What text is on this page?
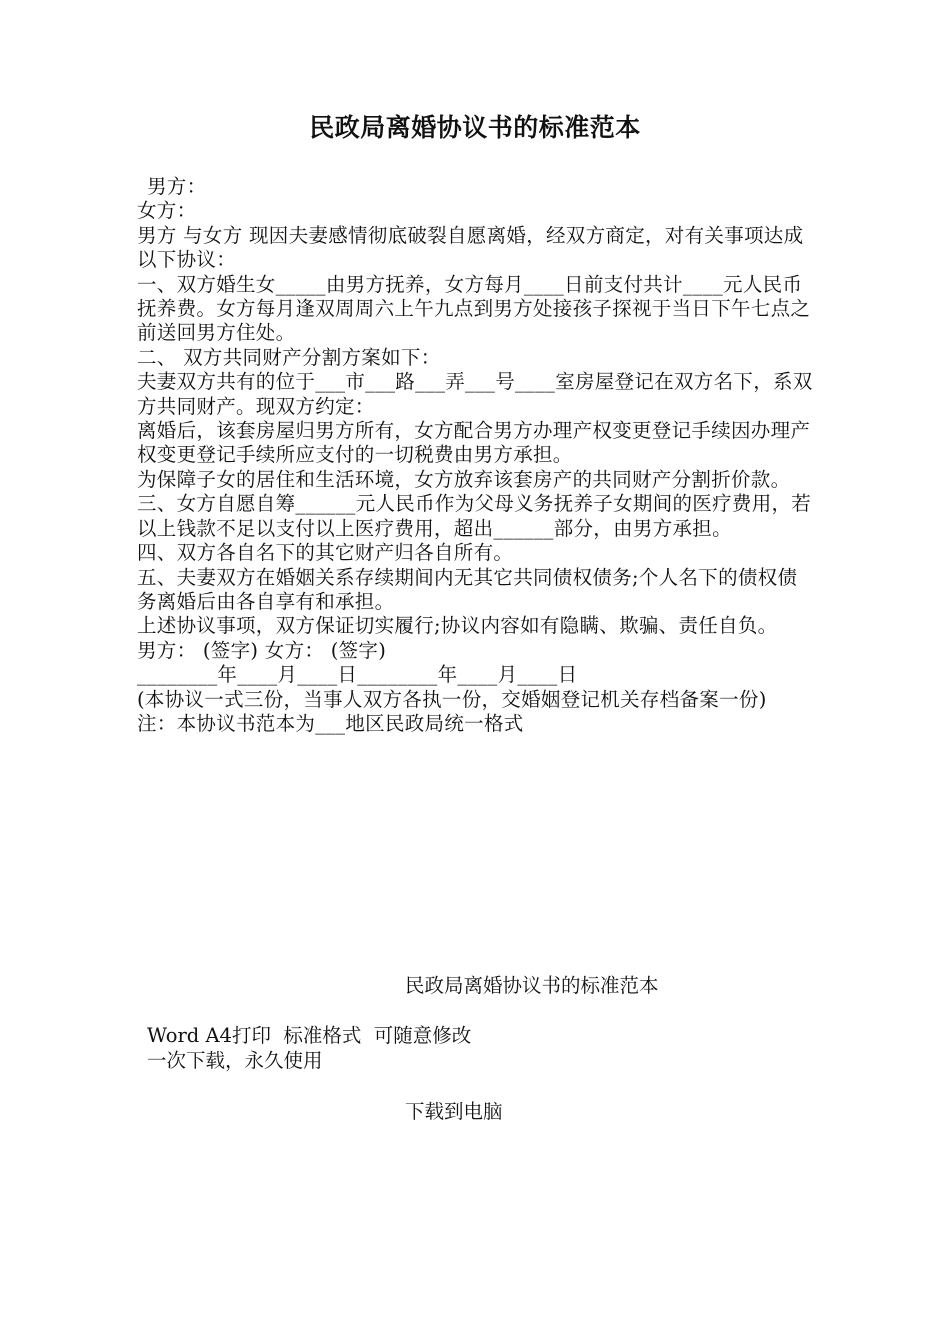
民政局离婚协议书的标准范本

男方：

女方：

男方 与女方 现因夫妻感情彻底破裂自愿离婚，经双方商定，对有关事项达成以下协议：

一、双方婚生女_____由男方抚养，女方每月____日前支付共计____元人民币抚养费。女方每月逢双周周六上午九点到男方处接孩子探视于当日下午七点之前送回男方住处。

二、 双方共同财产分割方案如下：

夫妻双方共有的位于___市___路___弄___号____室房屋登记在双方名下，系双方共同财产。现双方约定：

离婚后，该套房屋归男方所有，女方配合男方办理产权变更登记手续因办理产权变更登记手续所应支付的一切税费由男方承担。

为保障子女的居住和生活环境，女方放弃该套房产的共同财产分割折价款。

三、女方自愿自筹______元人民币作为父母义务抚养子女期间的医疗费用，若以上钱款不足以支付以上医疗费用，超出______部分，由男方承担。

四、双方各自名下的其它财产归各自所有。

五、夫妻双方在婚姻关系存续期间内无其它共同债权债务;个人名下的债权债务离婚后由各自享有和承担。

上述协议事项，双方保证切实履行;协议内容如有隐瞒、欺骗、责任自负。

男方： (签字) 女方： (签字)

________年____月____日________年____月____日

(本协议一式三份，当事人双方各执一份，交婚姻登记机关存档备案一份)

注：本协议书范本为___地区民政局统一格式

民政局离婚协议书的标准范本
Word A4打印  标准格式  可随意修改
一次下载，永久使用
下载到电脑
